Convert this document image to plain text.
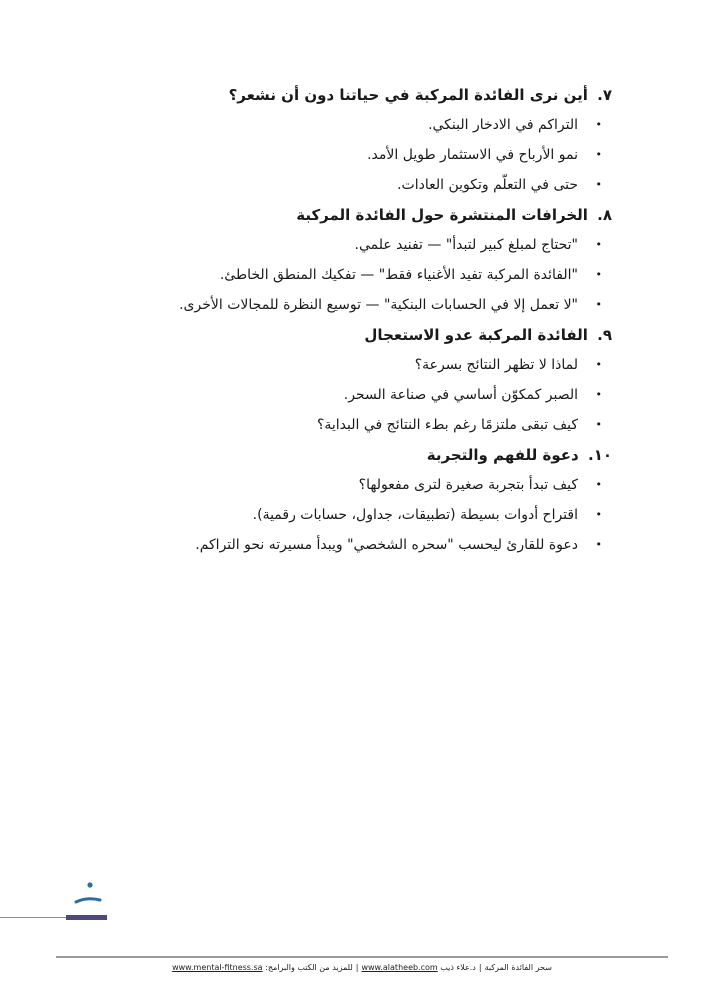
٧. أين نرى الفائدة المركبة في حياتنا دون أن نشعر؟
•
التراكم في الادخار البنكي.
•
نمو الأرباح في الاستثمار طويل الأمد.
•
حتى في التعلّم وتكوين العادات.
٨. الخرافات المنتشرة حول الفائدة المركبة
•
"تحتاج لمبلغ كبير لتبدأ" — تفنيد علمي.
•
"الفائدة المركبة تفيد الأغنياء فقط" — تفكيك المنطق الخاطئ.
•
"لا تعمل إلا في الحسابات البنكية" — توسيع النظرة للمجالات الأخرى.
٩. الفائدة المركبة عدو الاستعجال
•
لماذا لا تظهر النتائج بسرعة؟
•
الصبر كمكوّن أساسي في صناعة السحر.
•
كيف تبقى ملتزمًا رغم بطء النتائج في البداية؟
١٠. دعوة للفهم والتجربة
•
كيف تبدأ بتجربة صغيرة لترى مفعولها؟
•
اقتراح أدوات بسيطة (تطبيقات، جداول، حسابات رقمية).
•
دعوة للقارئ ليحسب "سحره الشخصي" ويبدأ مسيرته نحو التراكم.
سحر الفائدة المركبة|د.علاء ذيب www.alatheeb.com|للمزيد من الكتب والبرامج: www.mental-fitness.sa
